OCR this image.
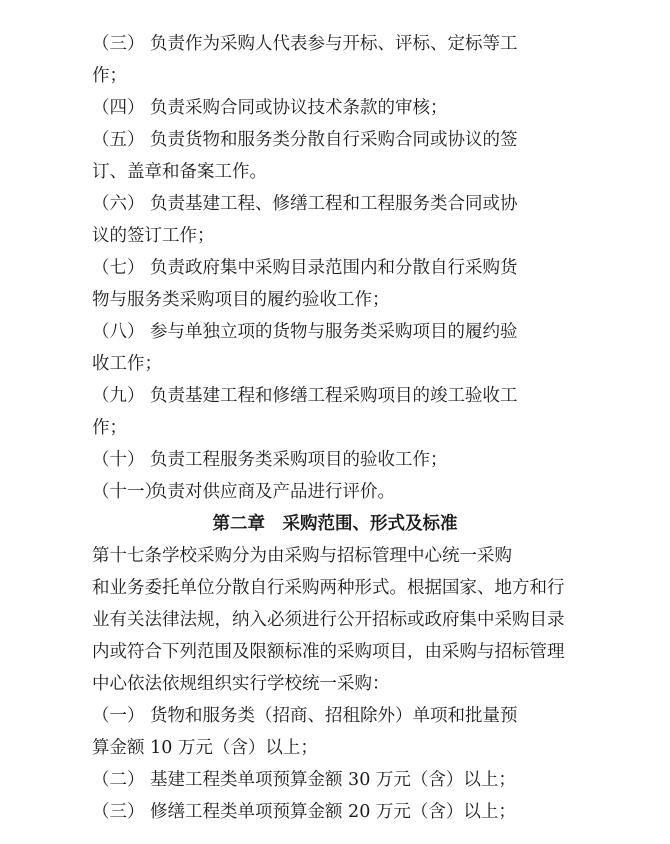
（三） 负责作为采购人代表参与开标、评标、定标等工
作；
（四） 负责采购合同或协议技术条款的审核；
（五） 负责货物和服务类分散自行采购合同或协议的签
订、盖章和备案工作。
（六） 负责基建工程、修缮工程和工程服务类合同或协
议的签订工作；
（七） 负责政府集中采购目录范围内和分散自行采购货
物与服务类采购项目的履约验收工作；
（八） 参与单独立项的货物与服务类采购项目的履约验
收工作；
（九） 负责基建工程和修缮工程采购项目的竣工验收工
作；
（十） 负责工程服务类采购项目的验收工作；
（十一）负责对供应商及产品进行评价。
第二章　采购范围、形式及标准
第十七条学校采购分为由采购与招标管理中心统一采购
和业务委托单位分散自行采购两种形式。根据国家、地方和行
业有关法律法规，纳入必须进行公开招标或政府集中采购目录
内或符合下列范围及限额标准的采购项目，由采购与招标管理
中心依法依规组织实行学校统一采购：
（一） 货物和服务类（招商、招租除外）单项和批量预
算金额 10 万元（含）以上；
（二） 基建工程类单项预算金额 30 万元（含）以上；
（三） 修缮工程类单项预算金额 20 万元（含）以上；
